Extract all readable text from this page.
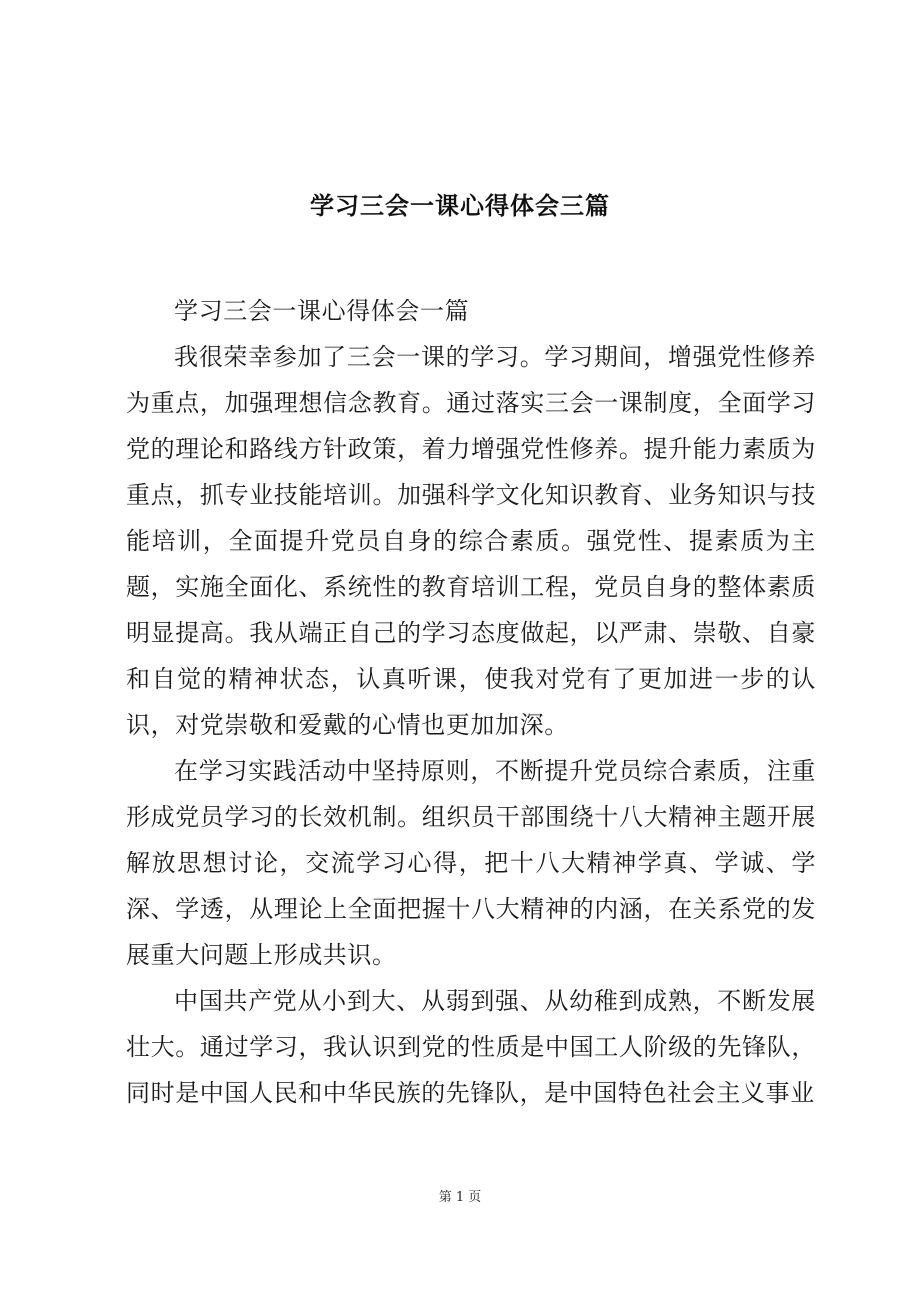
学习三会一课心得体会三篇

学习三会一课心得体会一篇

我很荣幸参加了三会一课的学习。学习期间，增强党性修养为重点，加强理想信念教育。通过落实三会一课制度，全面学习党的理论和路线方针政策，着力增强党性修养。提升能力素质为重点，抓专业技能培训。加强科学文化知识教育、业务知识与技能培训，全面提升党员自身的综合素质。强党性、提素质为主题，实施全面化、系统性的教育培训工程，党员自身的整体素质明显提高。我从端正自己的学习态度做起，以严肃、崇敬、自豪和自觉的精神状态，认真听课，使我对党有了更加进一步的认识，对党崇敬和爱戴的心情也更加加深。

在学习实践活动中坚持原则，不断提升党员综合素质，注重形成党员学习的长效机制。组织员干部围绕十八大精神主题开展解放思想讨论，交流学习心得，把十八大精神学真、学诚、学深、学透，从理论上全面把握十八大精神的内涵，在关系党的发展重大问题上形成共识。

中国共产党从小到大、从弱到强、从幼稚到成熟，不断发展壮大。通过学习，我认识到党的性质是中国工人阶级的先锋队，同时是中国人民和中华民族的先锋队，是中国特色社会主义事业

第 1 页
